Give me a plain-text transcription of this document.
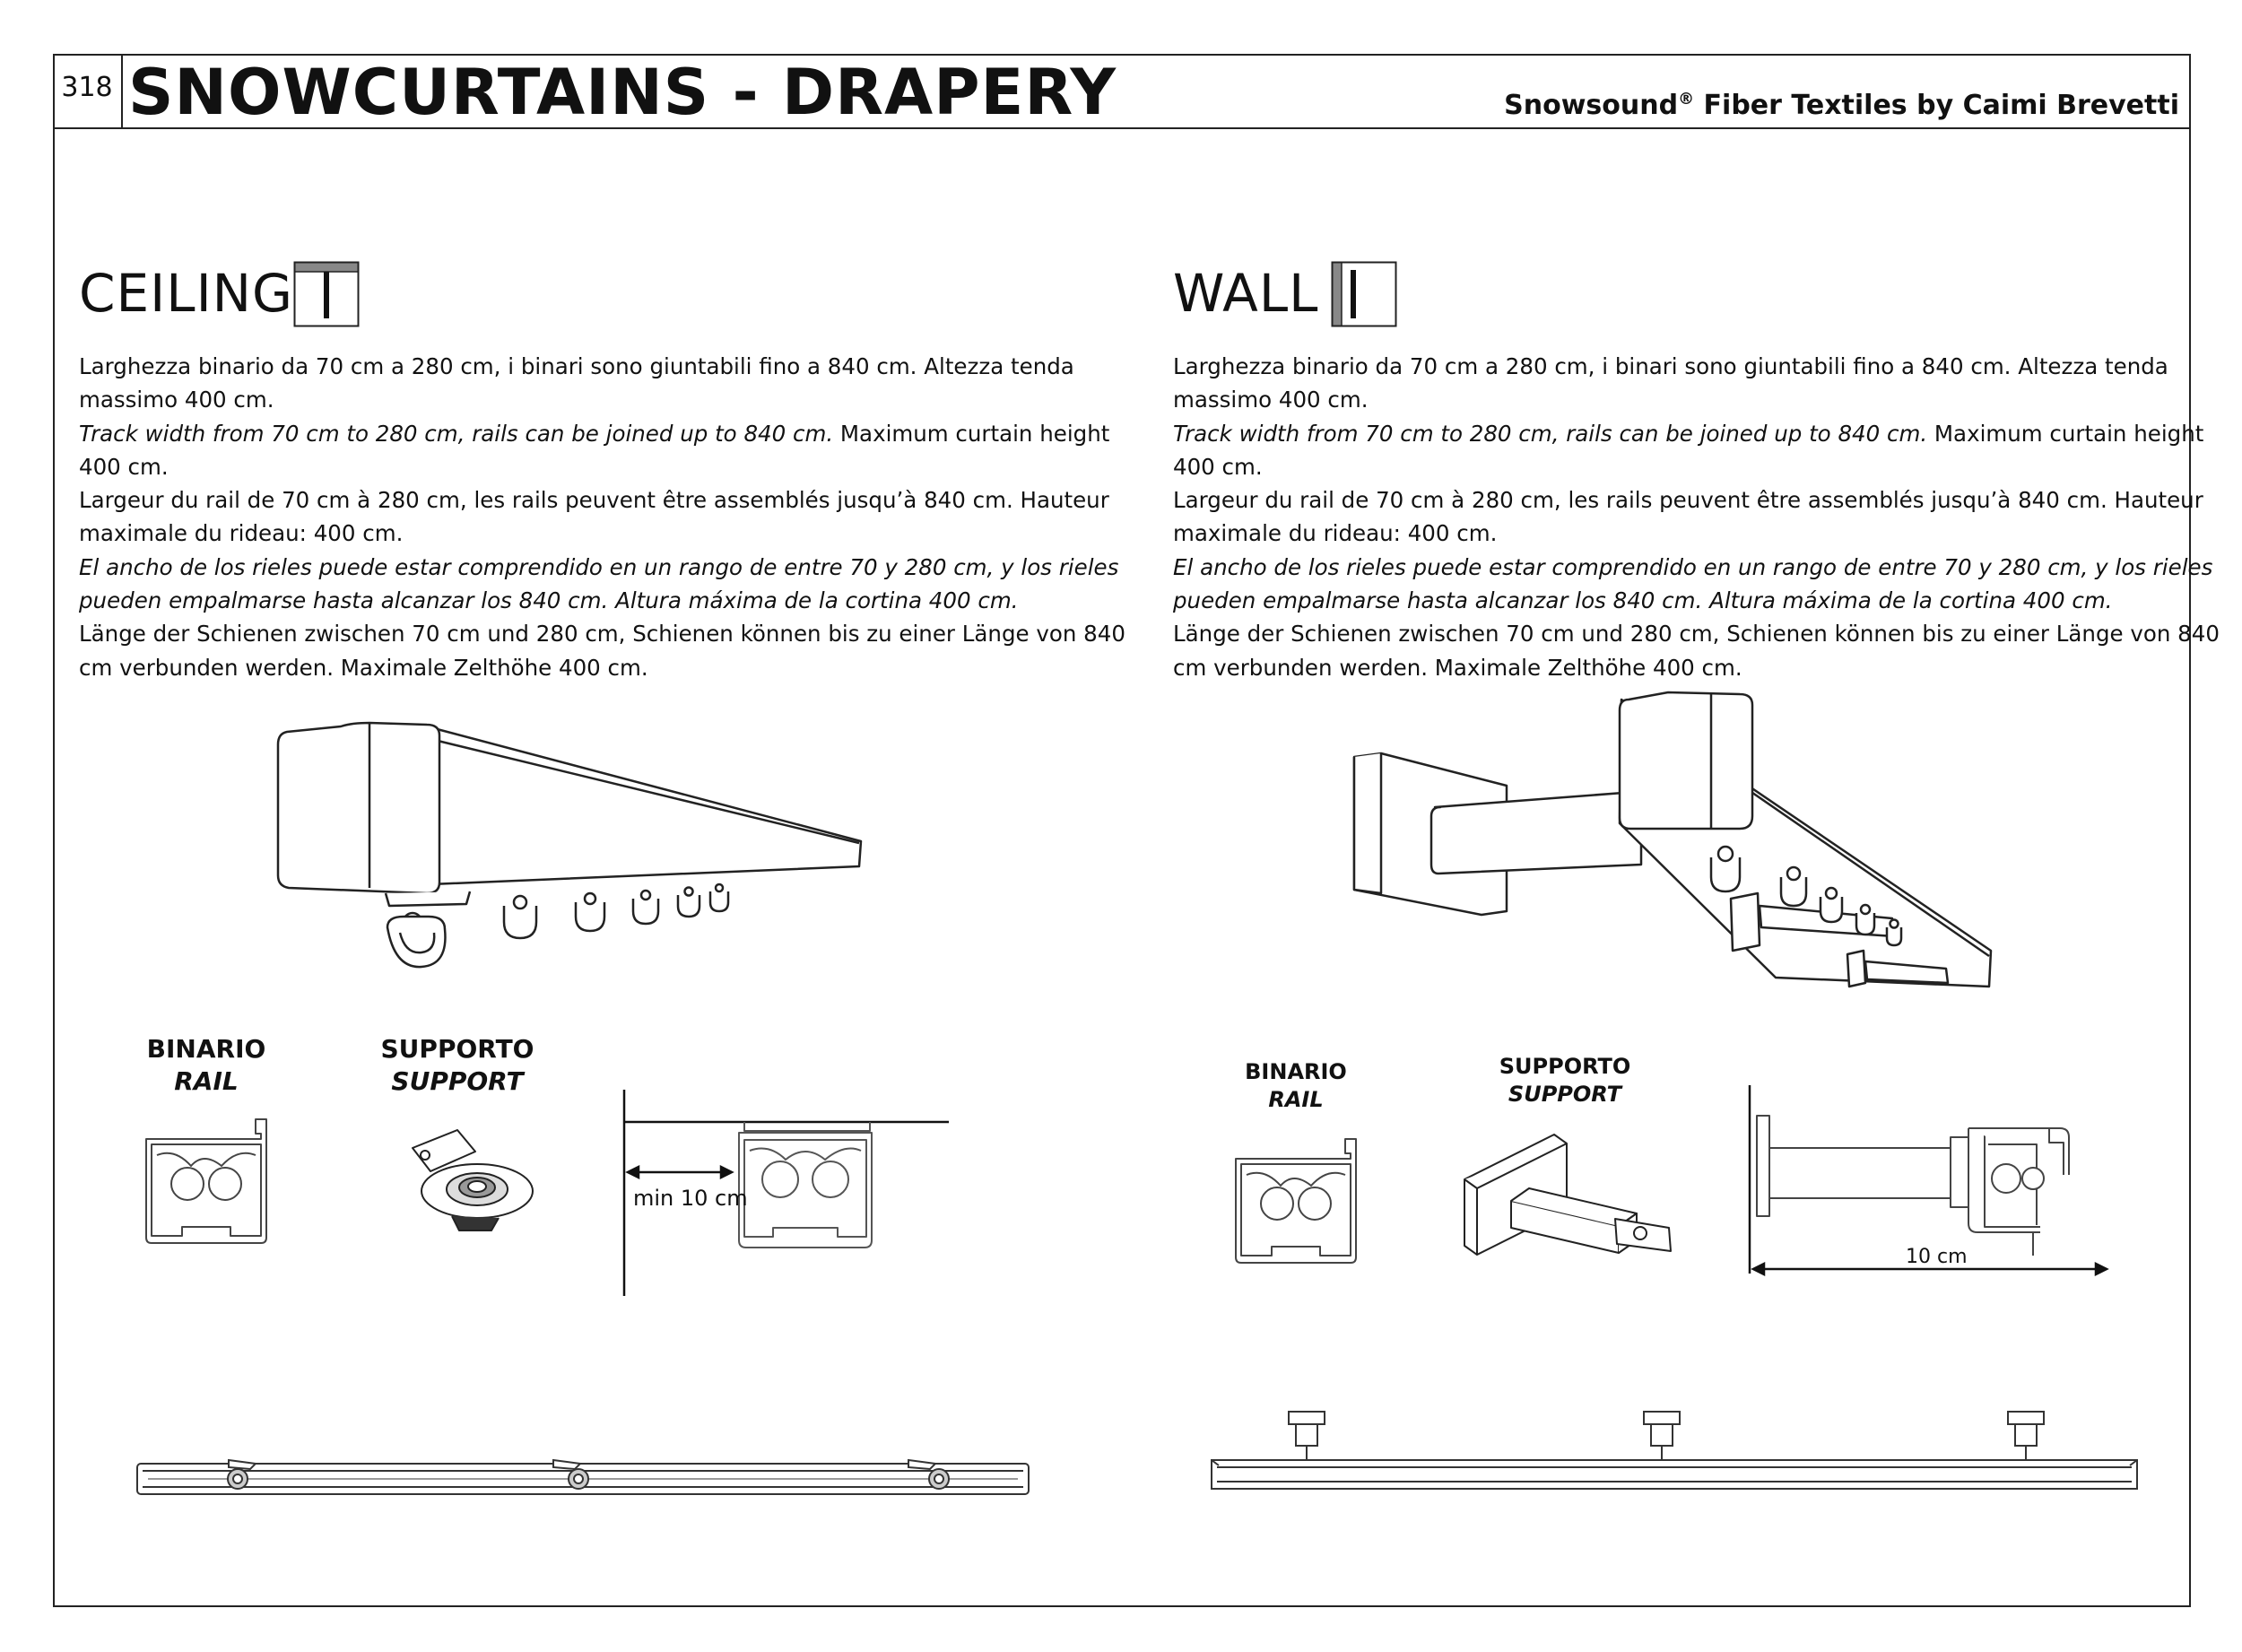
318 SNOWCURTAINS - DRAPERY	Snowsound® Fiber Textiles by Caimi Brevetti
CEILING

Larghezza binario da 70 cm a 280 cm, i binari sono giuntabili fino a 840 cm. Altezza tenda massimo 400 cm.

Track width from 70 cm to 280 cm, rails can be joined up to 840 cm. Maximum curtain height 400 cm.

Largeur du rail de 70 cm à 280 cm, les rails peuvent être assemblés jusqu’à 840 cm. Hauteur maximale du rideau: 400 cm.

El ancho de los rieles puede estar comprendido en un rango de entre 70 y 280 cm, y los rieles pueden empalmarse hasta alcanzar los 840 cm. Altura máxima de la cortina 400 cm.

Länge der Schienen zwischen 70 cm und 280 cm, Schienen können bis zu einer Länge von 840 cm verbunden werden. Maximale Zelthöhe 400 cm.

BINARIO
RAIL
SUPPORTO
SUPPORT
min 10 cm
WALL

Larghezza binario da 70 cm a 280 cm, i binari sono giuntabili fino a 840 cm. Altezza tenda massimo 400 cm.

Track width from 70 cm to 280 cm, rails can be joined up to 840 cm. Maximum curtain height 400 cm.

Largeur du rail de 70 cm à 280 cm, les rails peuvent être assemblés jusqu’à 840 cm. Hauteur maximale du rideau: 400 cm.

El ancho de los rieles puede estar comprendido en un rango de entre 70 y 280 cm, y los rieles pueden empalmarse hasta alcanzar los 840 cm. Altura máxima de la cortina 400 cm.

Länge der Schienen zwischen 70 cm und 280 cm, Schienen können bis zu einer Länge von 840 cm verbunden werden. Maximale Zelthöhe 400 cm.

BINARIO
RAIL
SUPPORTO
SUPPORT
10 cm
